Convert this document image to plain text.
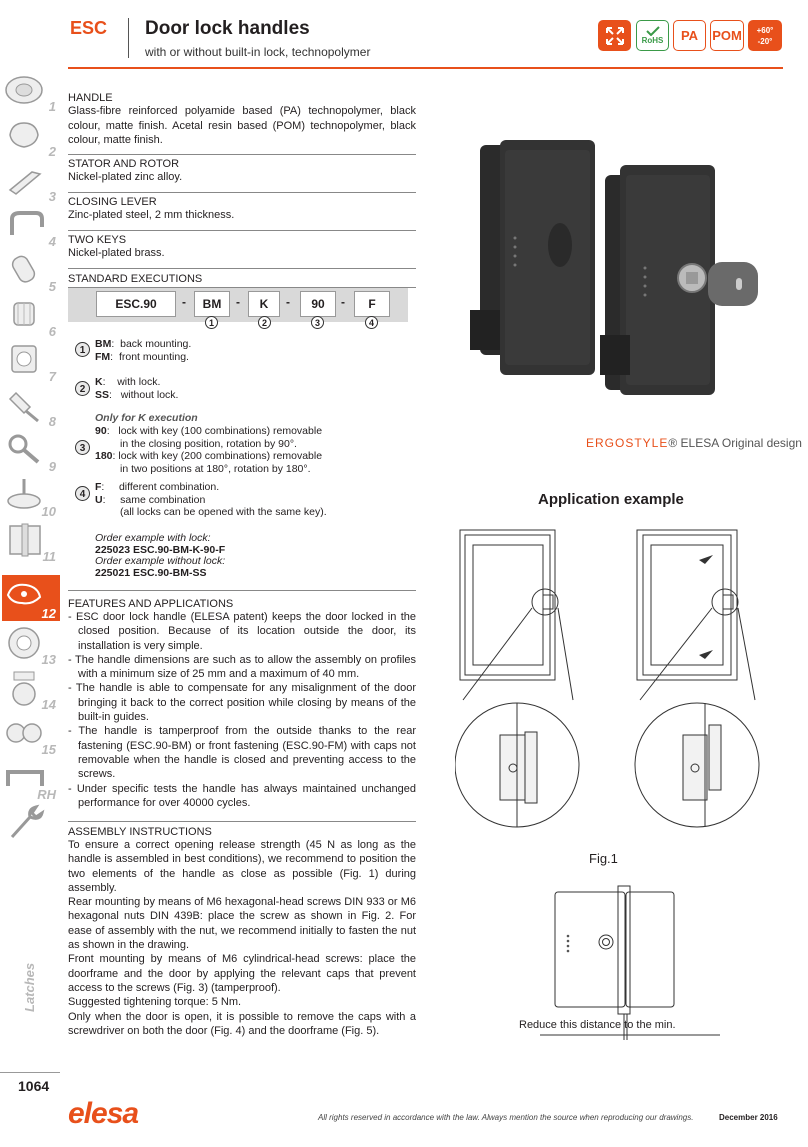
ESC Door lock handles
with or without built-in lock, technopolymer
RoHS	PA	POM +60°
-20°
1
2
3
4
5
6
7
8
9
10
11
12
13
14
15
RH
Latches
1064
HANDLE

Glass-fibre reinforced polyamide based (PA) technopolymer, black colour, matte finish. Acetal resin based (POM) technopolymer, black colour, matte finish.

STATOR AND ROTOR

Nickel-plated zinc alloy.

CLOSING LEVER

Zinc-plated steel, 2 mm thickness.

TWO KEYS

Nickel-plated brass.

STANDARD EXECUTIONS
ESC.90	-	BM	-	K	-	90	-	F
1	2	3	4
1
BM:  back mounting.
FM:  front mounting.
2
K:    with lock.
SS:   without lock.
Only for K execution
3
90:   lock with key (100 combinations) removable
in the closing position, rotation by 90°.
180: lock with key (200 combinations) removable
in two positions at 180°, rotation by 180°.
4
F:     different combination.
U:     same combination
(all locks can be opened with the same key).
Order example with lock:
225023 ESC.90-BM-K-90-F
Order example without lock:
225021 ESC.90-BM-SS
FEATURES AND APPLICATIONS
- ESC door lock handle (ELESA patent) keeps the door locked in the closed position. Because of its location outside the door, its installation is very simple.
- The handle dimensions are such as to allow the assembly on profiles with a minimum size of 25 mm and a maximum of 40 mm.
- The handle is able to compensate for any misalignment of the door bringing it back to the correct position while closing by means of the built-in guides.
- The handle is tamperproof from the outside thanks to the rear fastening (ESC.90-BM) or front fastening (ESC.90-FM) with caps not removable when the handle is closed and preventing access to the screws.
- Under specific tests the handle has always maintained unchanged performance for over 40000 cycles.
ASSEMBLY INSTRUCTIONS

To ensure a correct opening release strength (45 N as long as the handle is assembled in best conditions), we recommend to position the two elements of the handle as close as possible (Fig. 1) during assembly.

Rear mounting by means of M6 hexagonal-head screws DIN 933 or M6 hexagonal nuts DIN 439B: place the screw as shown in Fig. 2. For ease of assembly with the nut, we recommend initially to fasten the nut as shown in the drawing.

Front mounting by means of M6 cylindrical-head screws: place the doorframe and the door by applying the relevant caps that prevent access to the screws (Fig. 3) (tamperproof).

Suggested tightening torque: 5 Nm.

Only when the door is open, it is possible to remove the caps with a screwdriver on both the door (Fig. 4) and the doorframe (Fig. 5).

ERGOSTYLE® ELESA Original design
Application example
Fig.1
Reduce this distance to the min.
elesa	All rights reserved in accordance with the law. Always mention the source when reproducing our drawings.	December 2016
